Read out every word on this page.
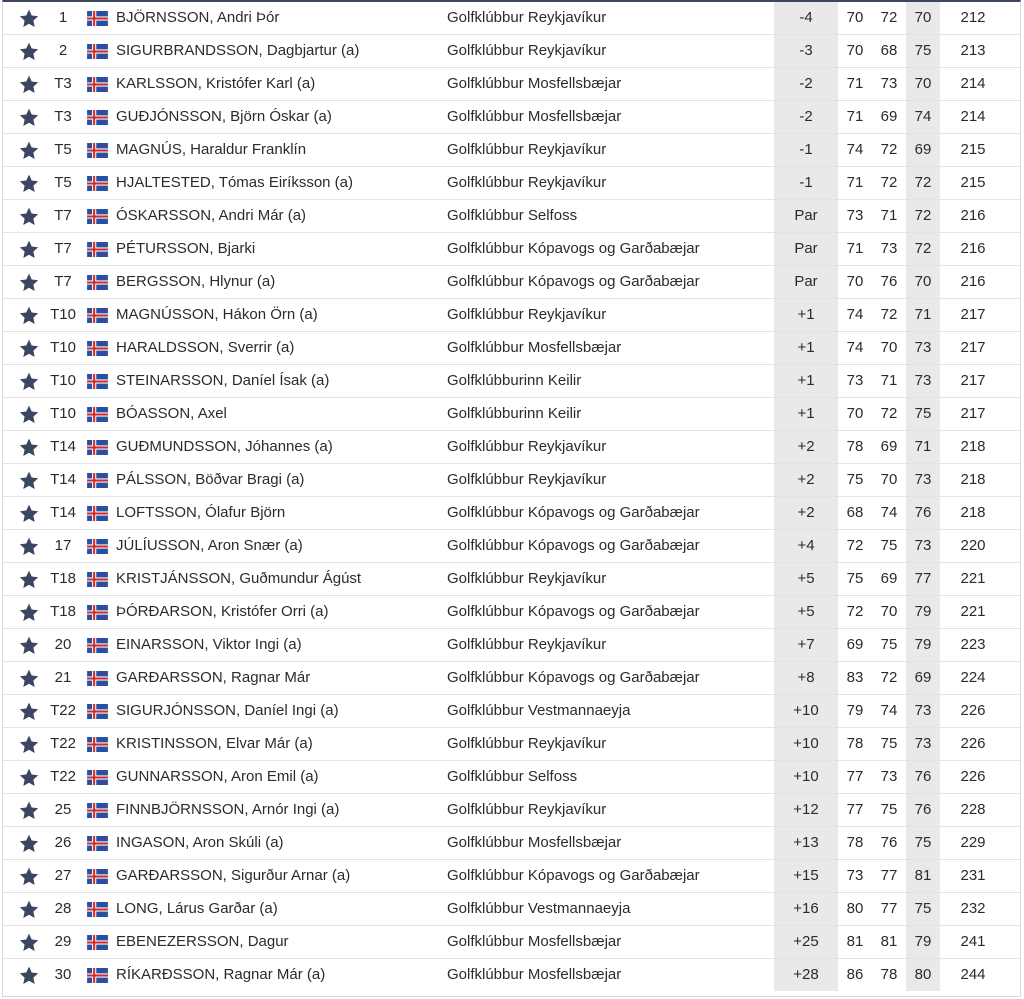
1	BJÖRNSSON, Andri Þór	Golfklúbbur Reykjavíkur	-4	70	72	70	212
2	SIGURBRANDSSON, Dagbjartur (a)	Golfklúbbur Reykjavíkur	-3	70	68	75	213
T3	KARLSSON, Kristófer Karl (a)	Golfklúbbur Mosfellsbæjar	-2	71	73	70	214
T3	GUÐJÓNSSON, Björn Óskar (a)	Golfklúbbur Mosfellsbæjar	-2	71	69	74	214
T5	MAGNÚS, Haraldur Franklín	Golfklúbbur Reykjavíkur	-1	74	72	69	215
T5	HJALTESTED, Tómas Eiríksson (a)	Golfklúbbur Reykjavíkur	-1	71	72	72	215
T7	ÓSKARSSON, Andri Már (a)	Golfklúbbur Selfoss	Par	73	71	72	216
T7	PÉTURSSON, Bjarki	Golfklúbbur Kópavogs og Garðabæjar	Par	71	73	72	216
T7	BERGSSON, Hlynur (a)	Golfklúbbur Kópavogs og Garðabæjar	Par	70	76	70	216
T10	MAGNÚSSON, Hákon Örn (a)	Golfklúbbur Reykjavíkur	+1	74	72	71	217
T10	HARALDSSON, Sverrir (a)	Golfklúbbur Mosfellsbæjar	+1	74	70	73	217
T10	STEINARSSON, Daníel Ísak (a)	Golfklúbburinn Keilir	+1	73	71	73	217
T10	BÓASSON, Axel	Golfklúbburinn Keilir	+1	70	72	75	217
T14	GUÐMUNDSSON, Jóhannes (a)	Golfklúbbur Reykjavíkur	+2	78	69	71	218
T14	PÁLSSON, Böðvar Bragi (a)	Golfklúbbur Reykjavíkur	+2	75	70	73	218
T14	LOFTSSON, Ólafur Björn	Golfklúbbur Kópavogs og Garðabæjar	+2	68	74	76	218
17	JÚLÍUSSON, Aron Snær (a)	Golfklúbbur Kópavogs og Garðabæjar	+4	72	75	73	220
T18	KRISTJÁNSSON, Guðmundur Ágúst	Golfklúbbur Reykjavíkur	+5	75	69	77	221
T18	ÞÓRÐARSON, Kristófer Orri (a)	Golfklúbbur Kópavogs og Garðabæjar	+5	72	70	79	221
20	EINARSSON, Viktor Ingi (a)	Golfklúbbur Reykjavíkur	+7	69	75	79	223
21	GARÐARSSON, Ragnar Már	Golfklúbbur Kópavogs og Garðabæjar	+8	83	72	69	224
T22	SIGURJÓNSSON, Daníel Ingi (a)	Golfklúbbur Vestmannaeyja	+10	79	74	73	226
T22	KRISTINSSON, Elvar Már (a)	Golfklúbbur Reykjavíkur	+10	78	75	73	226
T22	GUNNARSSON, Aron Emil (a)	Golfklúbbur Selfoss	+10	77	73	76	226
25	FINNBJÖRNSSON, Arnór Ingi (a)	Golfklúbbur Reykjavíkur	+12	77	75	76	228
26	INGASON, Aron Skúli (a)	Golfklúbbur Mosfellsbæjar	+13	78	76	75	229
27	GARÐARSSON, Sigurður Arnar (a)	Golfklúbbur Kópavogs og Garðabæjar	+15	73	77	81	231
28	LONG, Lárus Garðar (a)	Golfklúbbur Vestmannaeyja	+16	80	77	75	232
29	EBENEZERSSON, Dagur	Golfklúbbur Mosfellsbæjar	+25	81	81	79	241
30	RÍKARÐSSON, Ragnar Már (a)	Golfklúbbur Mosfellsbæjar	+28	86	78	80	244
